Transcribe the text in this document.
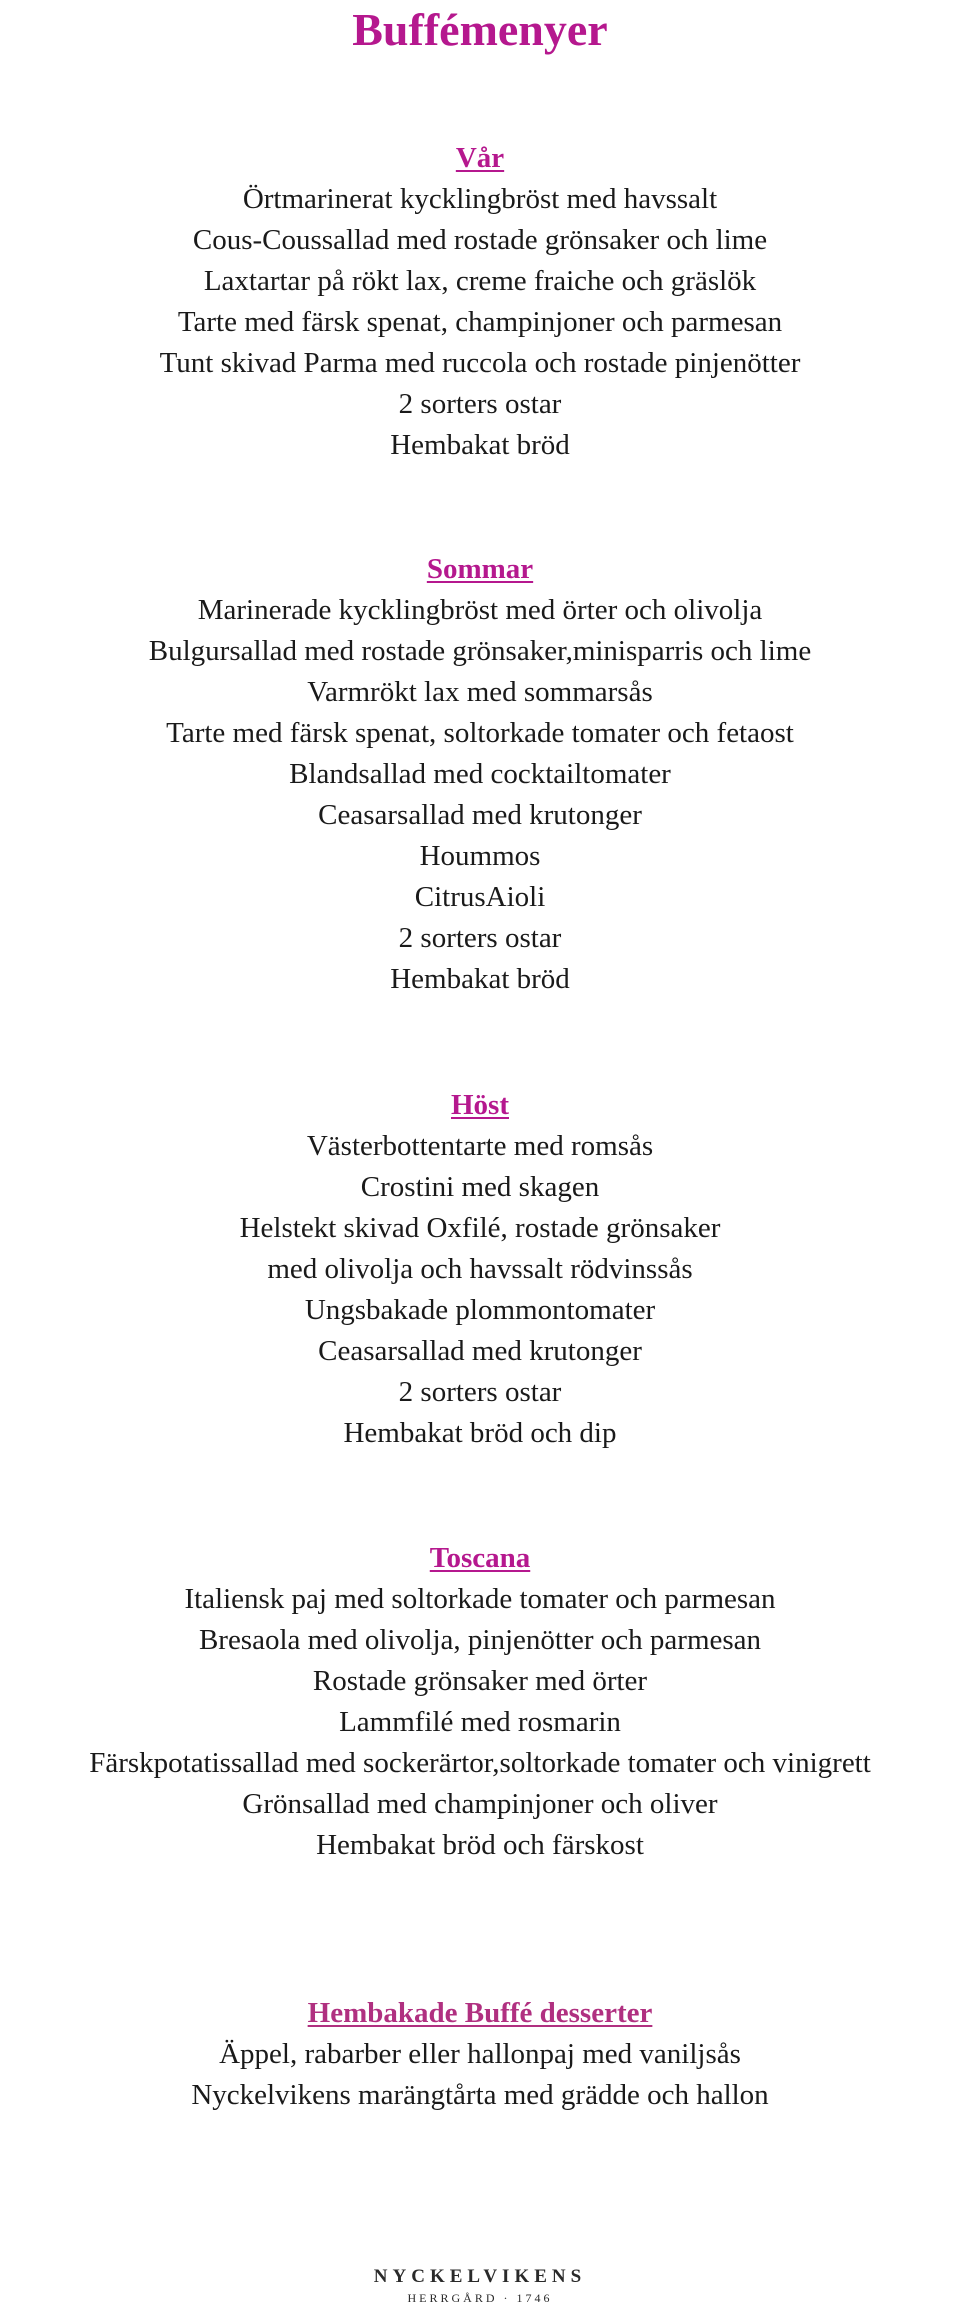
Buffémenyer
Vår
Örtmarinerat kycklingbröst med havssalt
Cous-Coussallad med rostade grönsaker och lime
Laxtartar på rökt lax, creme fraiche och gräslök
Tarte med färsk spenat, champinjoner och parmesan
Tunt skivad Parma med ruccola och rostade pinjenötter
2 sorters ostar
Hembakat bröd
Sommar
Marinerade kycklingbröst med örter och olivolja
Bulgursallad med rostade grönsaker,minisparris och lime
Varmrökt lax med sommarsås
Tarte med färsk spenat, soltorkade tomater och fetaost
Blandsallad med cocktailtomater
Ceasarsallad med krutonger
Hoummos
CitrusAioli
2 sorters ostar
Hembakat bröd
Höst
Västerbottentarte med romsås
Crostini med skagen
Helstekt skivad Oxfilé, rostade grönsaker
med olivolja och havssalt rödvinssås
Ungsbakade plommontomater
Ceasarsallad med krutonger
2 sorters ostar
Hembakat bröd och dip
Toscana
Italiensk paj med soltorkade tomater och parmesan
Bresaola med olivolja, pinjenötter och parmesan
Rostade grönsaker med örter
Lammfilé med rosmarin
Färskpotatissallad med sockerärtor,soltorkade tomater och vinigrett
Grönsallad med champinjoner och oliver
Hembakat bröd och färskost
Hembakade Buffé desserter
Äppel, rabarber eller hallonpaj med vaniljsås
Nyckelvikens marängtårta med grädde och hallon
NYCKELVIKENS
HERRGÅRD · 1746
